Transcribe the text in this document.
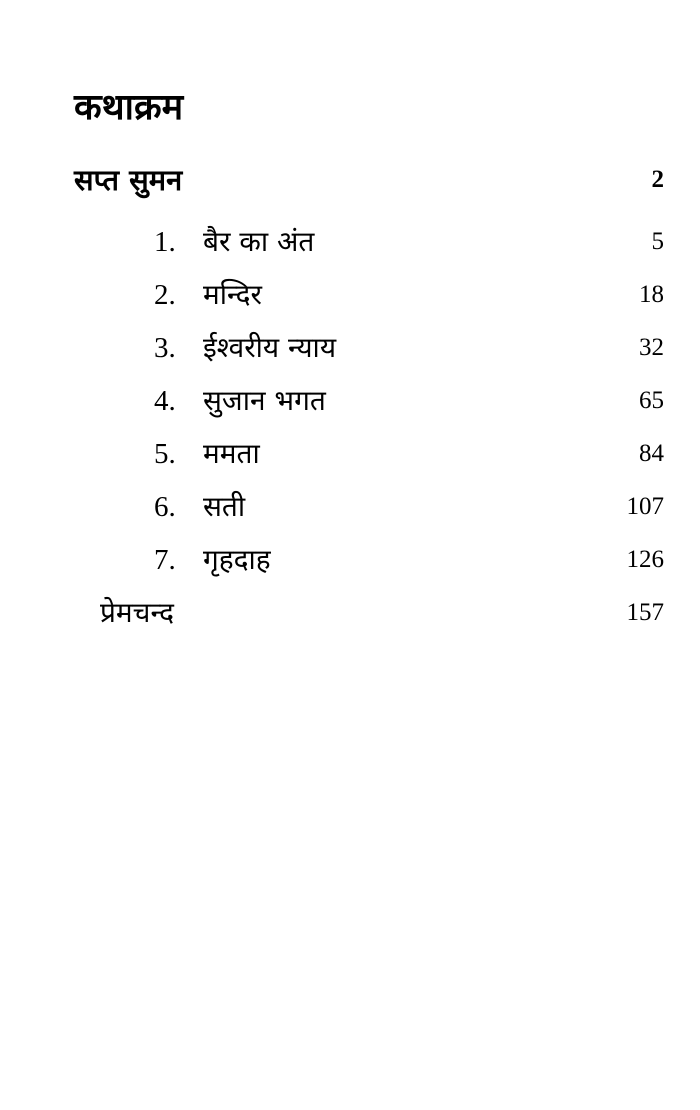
कथाक्रम
सप्त सुमन	2
1. बैर का अंत	5
2. मन्दिर	18
3. ईश्वरीय न्याय	32
4. सुजान भगत	65
5. ममता	84
6. सती	107
7. गृहदाह	126
प्रेमचन्द	157
